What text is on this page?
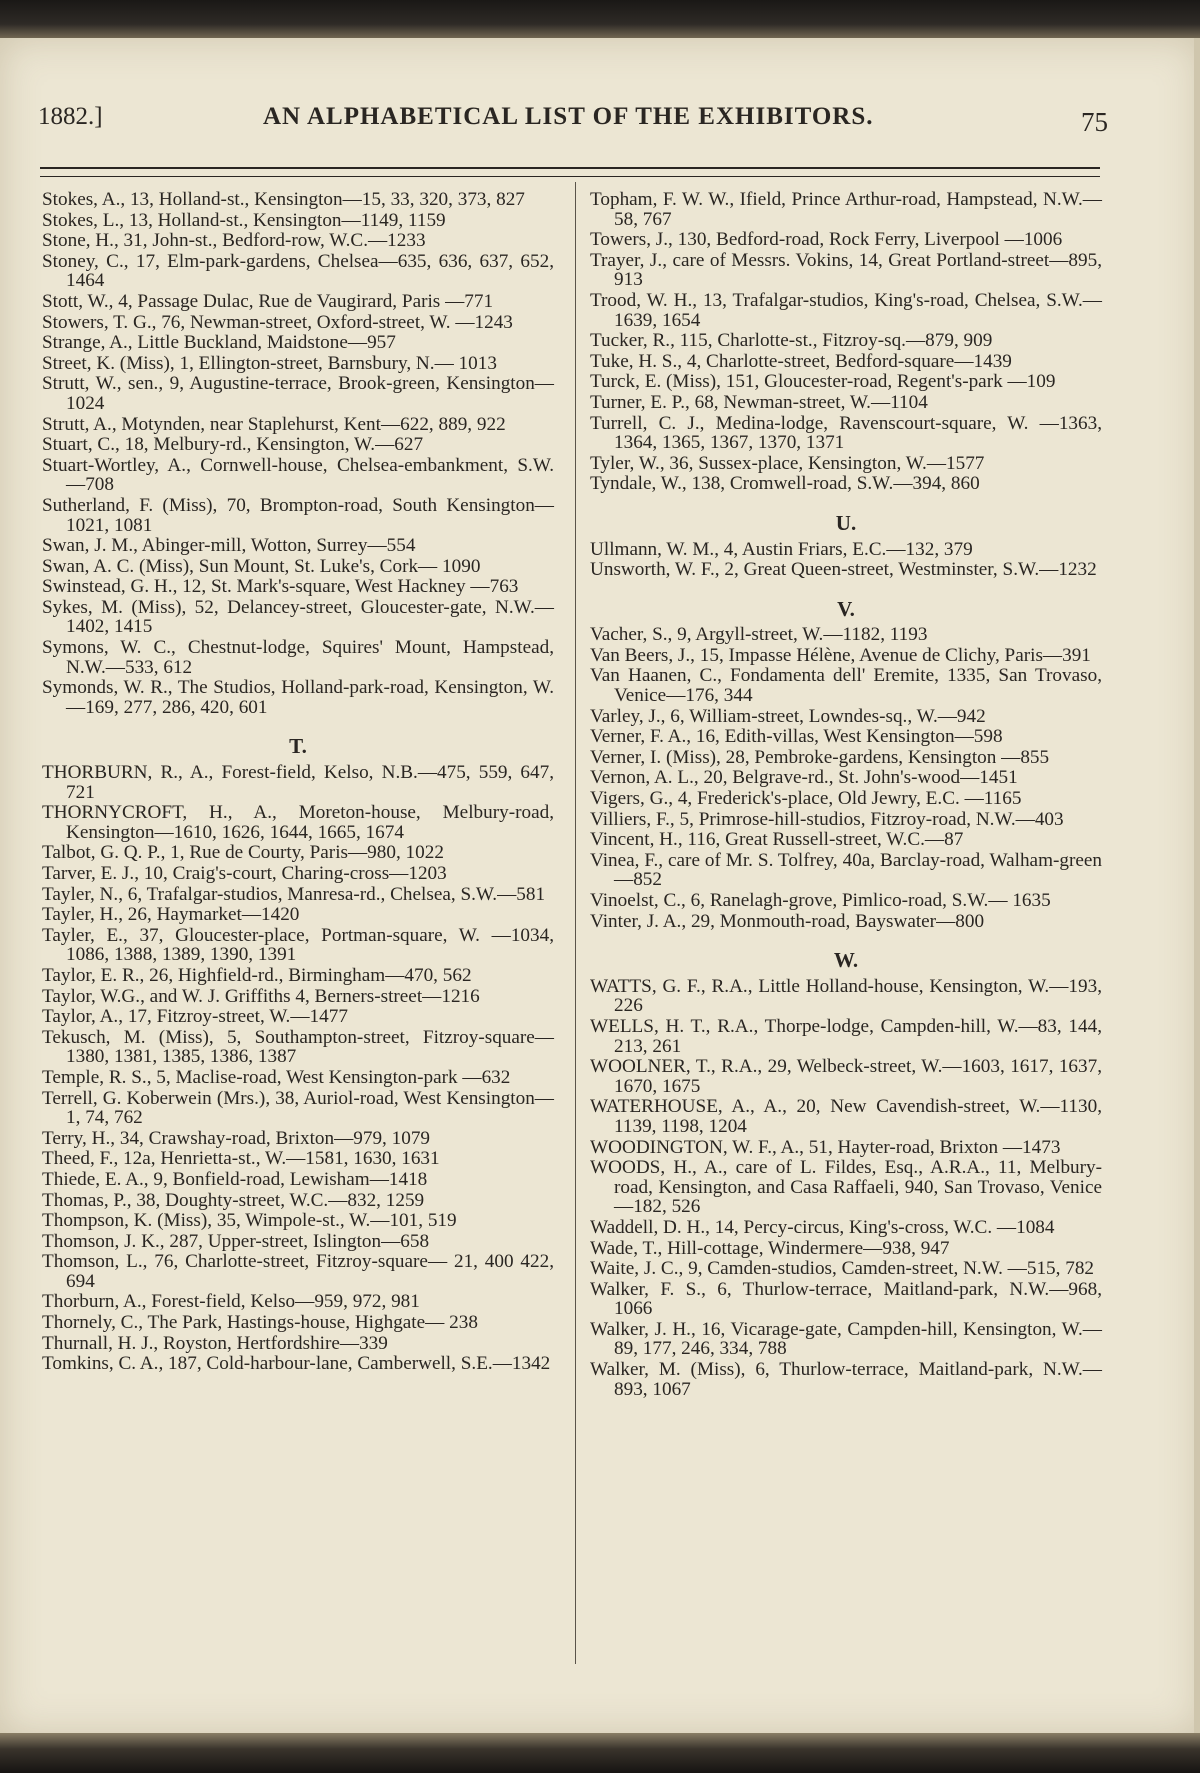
1882.]	AN ALPHABETICAL LIST OF THE EXHIBITORS.	75
Stokes, A., 13, Holland-st., Kensington—15, 33, 320, 373, 827
Stokes, L., 13, Holland-st., Kensington—1149, 1159
Stone, H., 31, John-st., Bedford-row, W.C.—1233
Stoney, C., 17, Elm-park-gardens, Chelsea—635, 636, 637, 652, 1464
Stott, W., 4, Passage Dulac, Rue de Vaugirard, Paris —771
Stowers, T. G., 76, Newman-street, Oxford-street, W. —1243
Strange, A., Little Buckland, Maidstone—957
Street, K. (Miss), 1, Ellington-street, Barnsbury, N.— 1013
Strutt, W., sen., 9, Augustine-terrace, Brook-green, Kensington—1024
Strutt, A., Motynden, near Staplehurst, Kent—622, 889, 922
Stuart, C., 18, Melbury-rd., Kensington, W.—627
Stuart-Wortley, A., Cornwell-house, Chelsea-embankment, S.W.—708
Sutherland, F. (Miss), 70, Brompton-road, South Kensington—1021, 1081
Swan, J. M., Abinger-mill, Wotton, Surrey—554
Swan, A. C. (Miss), Sun Mount, St. Luke's, Cork— 1090
Swinstead, G. H., 12, St. Mark's-square, West Hackney —763
Sykes, M. (Miss), 52, Delancey-street, Gloucester-gate, N.W.—1402, 1415
Symons, W. C., Chestnut-lodge, Squires' Mount, Hampstead, N.W.—533, 612
Symonds, W. R., The Studios, Holland-park-road, Kensington, W.—169, 277, 286, 420, 601
T.
THORBURN, R., A., Forest-field, Kelso, N.B.—475, 559, 647, 721
THORNYCROFT, H., A., Moreton-house, Melbury-road, Kensington—1610, 1626, 1644, 1665, 1674
Talbot, G. Q. P., 1, Rue de Courty, Paris—980, 1022
Tarver, E. J., 10, Craig's-court, Charing-cross—1203
Tayler, N., 6, Trafalgar-studios, Manresa-rd., Chelsea, S.W.—581
Tayler, H., 26, Haymarket—1420
Tayler, E., 37, Gloucester-place, Portman-square, W. —1034, 1086, 1388, 1389, 1390, 1391
Taylor, E. R., 26, Highfield-rd., Birmingham—470, 562
Taylor, W.G., and W. J. Griffiths 4, Berners-street—1216
Taylor, A., 17, Fitzroy-street, W.—1477
Tekusch, M. (Miss), 5, Southampton-street, Fitzroy-square—1380, 1381, 1385, 1386, 1387
Temple, R. S., 5, Maclise-road, West Kensington-park —632
Terrell, G. Koberwein (Mrs.), 38, Auriol-road, West Kensington—1, 74, 762
Terry, H., 34, Crawshay-road, Brixton—979, 1079
Theed, F., 12a, Henrietta-st., W.—1581, 1630, 1631
Thiede, E. A., 9, Bonfield-road, Lewisham—1418
Thomas, P., 38, Doughty-street, W.C.—832, 1259
Thompson, K. (Miss), 35, Wimpole-st., W.—101, 519
Thomson, J. K., 287, Upper-street, Islington—658
Thomson, L., 76, Charlotte-street, Fitzroy-square— 21, 400 422, 694
Thorburn, A., Forest-field, Kelso—959, 972, 981
Thornely, C., The Park, Hastings-house, Highgate— 238
Thurnall, H. J., Royston, Hertfordshire—339
Tomkins, C. A., 187, Cold-harbour-lane, Camberwell, S.E.—1342
Topham, F. W. W., Ifield, Prince Arthur-road, Hampstead, N.W.—58, 767
Towers, J., 130, Bedford-road, Rock Ferry, Liverpool —1006
Trayer, J., care of Messrs. Vokins, 14, Great Portland-street—895, 913
Trood, W. H., 13, Trafalgar-studios, King's-road, Chelsea, S.W.—1639, 1654
Tucker, R., 115, Charlotte-st., Fitzroy-sq.—879, 909
Tuke, H. S., 4, Charlotte-street, Bedford-square—1439
Turck, E. (Miss), 151, Gloucester-road, Regent's-park —109
Turner, E. P., 68, Newman-street, W.—1104
Turrell, C. J., Medina-lodge, Ravenscourt-square, W. —1363, 1364, 1365, 1367, 1370, 1371
Tyler, W., 36, Sussex-place, Kensington, W.—1577
Tyndale, W., 138, Cromwell-road, S.W.—394, 860
U.
Ullmann, W. M., 4, Austin Friars, E.C.—132, 379
Unsworth, W. F., 2, Great Queen-street, Westminster, S.W.—1232
V.
Vacher, S., 9, Argyll-street, W.—1182, 1193
Van Beers, J., 15, Impasse Hélène, Avenue de Clichy, Paris—391
Van Haanen, C., Fondamenta dell' Eremite, 1335, San Trovaso, Venice—176, 344
Varley, J., 6, William-street, Lowndes-sq., W.—942
Verner, F. A., 16, Edith-villas, West Kensington—598
Verner, I. (Miss), 28, Pembroke-gardens, Kensington —855
Vernon, A. L., 20, Belgrave-rd., St. John's-wood—1451
Vigers, G., 4, Frederick's-place, Old Jewry, E.C. —1165
Villiers, F., 5, Primrose-hill-studios, Fitzroy-road, N.W.—403
Vincent, H., 116, Great Russell-street, W.C.—87
Vinea, F., care of Mr. S. Tolfrey, 40a, Barclay-road, Walham-green—852
Vinoelst, C., 6, Ranelagh-grove, Pimlico-road, S.W.— 1635
Vinter, J. A., 29, Monmouth-road, Bayswater—800
W.
WATTS, G. F., R.A., Little Holland-house, Kensington, W.—193, 226
WELLS, H. T., R.A., Thorpe-lodge, Campden-hill, W.—83, 144, 213, 261
WOOLNER, T., R.A., 29, Welbeck-street, W.—1603, 1617, 1637, 1670, 1675
WATERHOUSE, A., A., 20, New Cavendish-street, W.—1130, 1139, 1198, 1204
WOODINGTON, W. F., A., 51, Hayter-road, Brixton —1473
WOODS, H., A., care of L. Fildes, Esq., A.R.A., 11, Melbury-road, Kensington, and Casa Raffaeli, 940, San Trovaso, Venice—182, 526
Waddell, D. H., 14, Percy-circus, King's-cross, W.C. —1084
Wade, T., Hill-cottage, Windermere—938, 947
Waite, J. C., 9, Camden-studios, Camden-street, N.W. —515, 782
Walker, F. S., 6, Thurlow-terrace, Maitland-park, N.W.—968, 1066
Walker, J. H., 16, Vicarage-gate, Campden-hill, Kensington, W.—89, 177, 246, 334, 788
Walker, M. (Miss), 6, Thurlow-terrace, Maitland-park, N.W.—893, 1067
